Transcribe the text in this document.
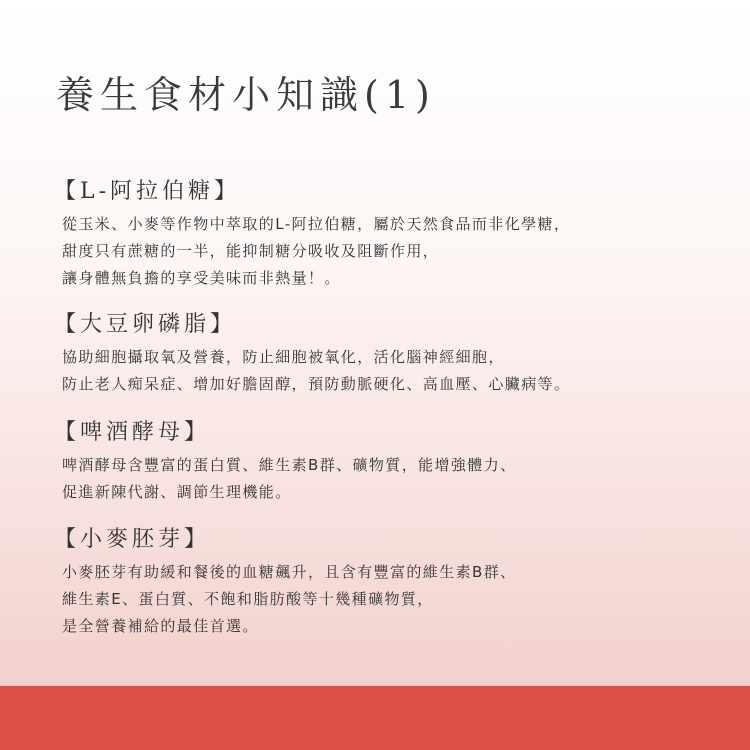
養生食材小知識(1)
【L-阿拉伯糖】
從玉米、小麥等作物中萃取的L-阿拉伯糖，屬於天然食品而非化學糖，
甜度只有蔗糖的一半，能抑制糖分吸收及阻斷作用，
讓身體無負擔的享受美味而非熱量！。
【大豆卵磷脂】
協助細胞攝取氧及營養，防止細胞被氧化，活化腦神經細胞，
防止老人痴呆症、增加好膽固醇，預防動脈硬化、高血壓、心臟病等。
【啤酒酵母】
啤酒酵母含豐富的蛋白質、維生素B群、礦物質，能增強體力、
促進新陳代謝、調節生理機能。
【小麥胚芽】
小麥胚芽有助緩和餐後的血糖飆升，且含有豐富的維生素B群、
維生素E、蛋白質、不飽和脂肪酸等十幾種礦物質，
是全營養補給的最佳首選。
